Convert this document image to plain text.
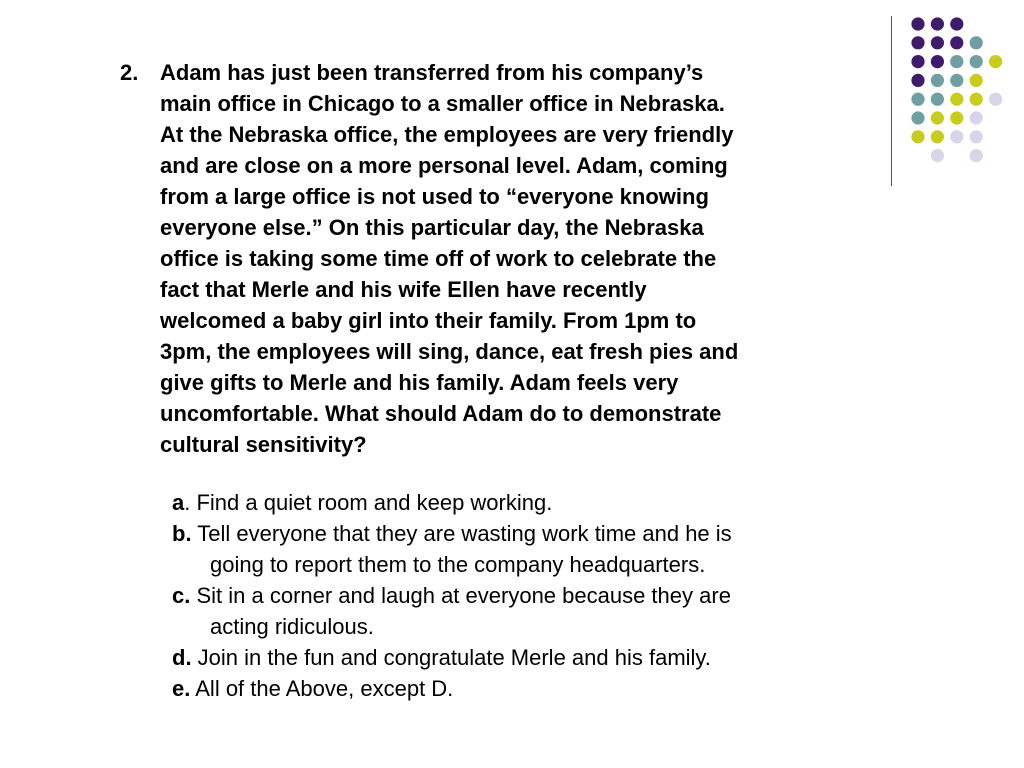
2. Adam has just been transferred from his company’s
main office in Chicago to a smaller office in Nebraska.
At the Nebraska office, the employees are very friendly
and are close on a more personal level. Adam, coming
from a large office is not used to “everyone knowing
everyone else.” On this particular day, the Nebraska
office is taking some time off of work to celebrate the
fact that Merle and his wife Ellen have recently
welcomed a baby girl into their family. From 1pm to
3pm, the employees will sing, dance, eat fresh pies and
give gifts to Merle and his family. Adam feels very
uncomfortable. What should Adam do to demonstrate
cultural sensitivity?
a. Find a quiet room and keep working.
b. Tell everyone that they are wasting work time and he is
going to report them to the company headquarters.
c. Sit in a corner and laugh at everyone because they are
acting ridiculous.
d. Join in the fun and congratulate Merle and his family.
e. All of the Above, except D.
